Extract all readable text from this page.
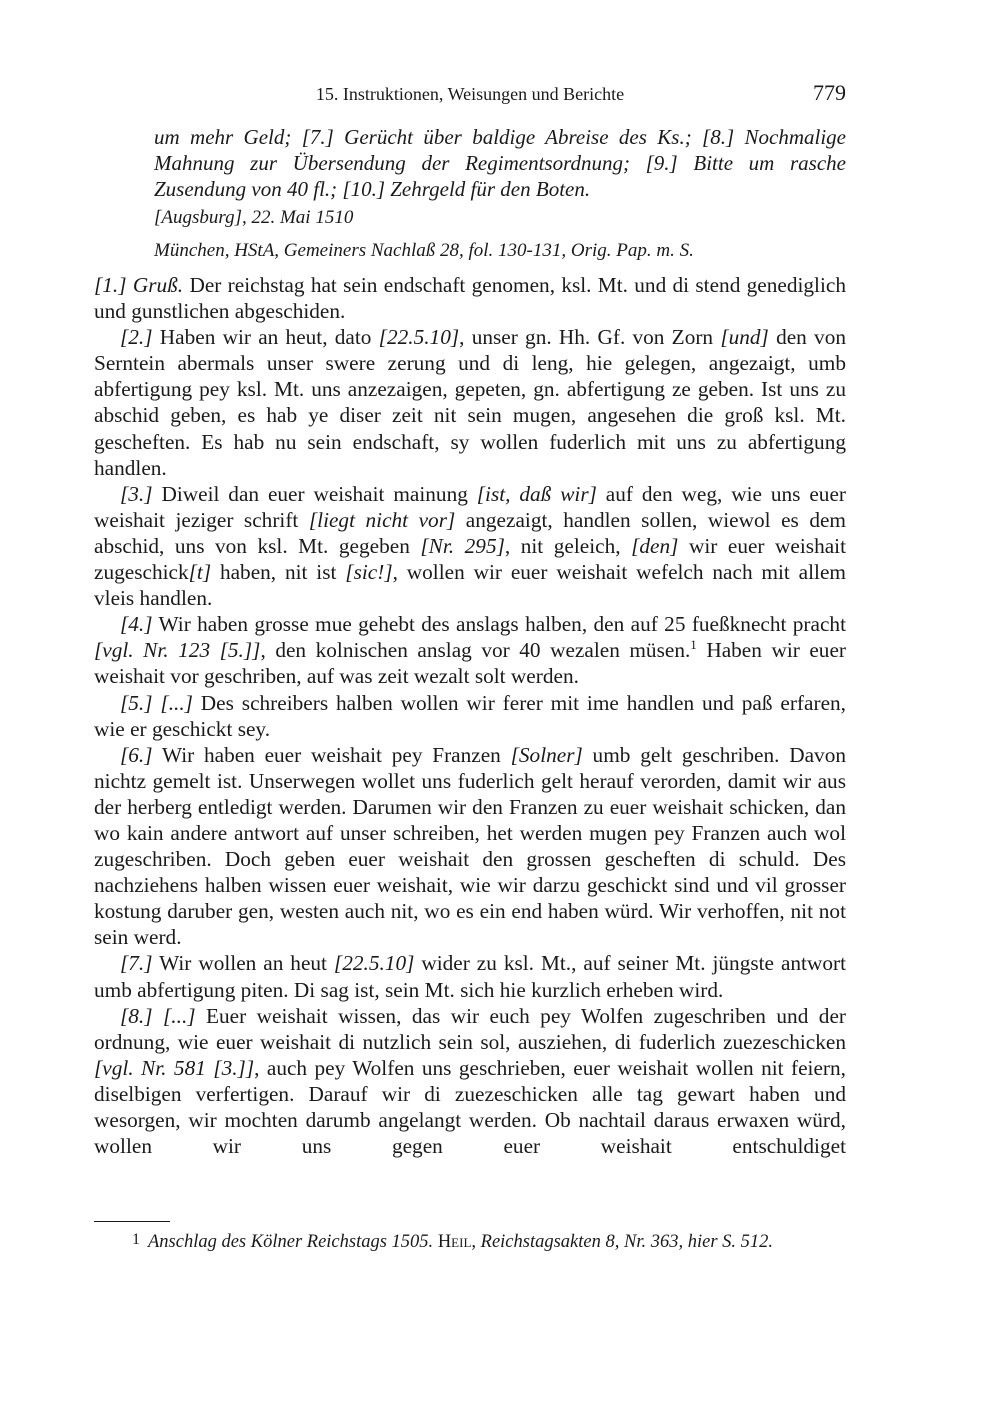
15. Instruktionen, Weisungen und Berichte	779

um mehr Geld; [7.] Gerücht über baldige Abreise des Ks.; [8.] Nochmalige Mahnung zur Übersendung der Regimentsordnung; [9.] Bitte um rasche Zusendung von 40 fl.; [10.] Zehrgeld für den Boten.

[Augsburg], 22. Mai 1510
München, HStA, Gemeiners Nachlaß 28, fol. 130-131, Orig. Pap. m. S.

[1.] Gruß. Der reichstag hat sein endschaft genomen, ksl. Mt. und di stend genediglich und gunstlichen abgeschiden.

[2.] Haben wir an heut, dato [22.5.10], unser gn. Hh. Gf. von Zorn [und] den von Serntein abermals unser swere zerung und di leng, hie gelegen, angezaigt, umb abfertigung pey ksl. Mt. uns anzezaigen, gepeten, gn. abfertigung ze geben. Ist uns zu abschid geben, es hab ye diser zeit nit sein mugen, angesehen die groß ksl. Mt. gescheften. Es hab nu sein endschaft, sy wollen fuderlich mit uns zu abfertigung handlen.

[3.] Diweil dan euer weishait mainung [ist, daß wir] auf den weg, wie uns euer weishait jeziger schrift [liegt nicht vor] angezaigt, handlen sollen, wiewol es dem abschid, uns von ksl. Mt. gegeben [Nr. 295], nit geleich, [den] wir euer weishait zugeschick[t] haben, nit ist [sic!], wollen wir euer weishait wefelch nach mit allem vleis handlen.

[4.] Wir haben grosse mue gehebt des anslags halben, den auf 25 fueßknecht pracht [vgl. Nr. 123 [5.]], den kolnischen anslag vor 40 wezalen müsen.$^1$ Haben wir euer weishait vor geschriben, auf was zeit wezalt solt werden.

[5.] [...] Des schreibers halben wollen wir ferer mit ime handlen und paß erfaren, wie er geschickt sey.

[6.] Wir haben euer weishait pey Franzen [Solner] umb gelt geschriben. Davon nichtz gemelt ist. Unserwegen wollet uns fuderlich gelt herauf verorden, damit wir aus der herberg entledigt werden. Darumen wir den Franzen zu euer weishait schicken, dan wo kain andere antwort auf unser schreiben, het werden mugen pey Franzen auch wol zugeschriben. Doch geben euer weishait den grossen gescheften di schuld. Des nachziehens halben wissen euer weishait, wie wir darzu geschickt sind und vil grosser kostung daruber gen, westen auch nit, wo es ein end haben würd. Wir verhoffen, nit not sein werd.

[7.] Wir wollen an heut [22.5.10] wider zu ksl. Mt., auf seiner Mt. jüngste antwort umb abfertigung piten. Di sag ist, sein Mt. sich hie kurzlich erheben wird.

[8.] [...] Euer weishait wissen, das wir euch pey Wolfen zugeschriben und der ordnung, wie euer weishait di nutzlich sein sol, ausziehen, di fuderlich zuezeschicken [vgl. Nr. 581 [3.]], auch pey Wolfen uns geschrieben, euer weishait wollen nit feiern, diselbigen verfertigen. Darauf wir di zuezeschicken alle tag gewart haben und wesorgen, wir mochten darumb angelangt werden. Ob nachtail daraus erwaxen würd, wollen wir uns gegen euer weishait entschuldiget

1 Anschlag des Kölner Reichstags 1505. Heil, Reichstagsakten 8, Nr. 363, hier S. 512.
